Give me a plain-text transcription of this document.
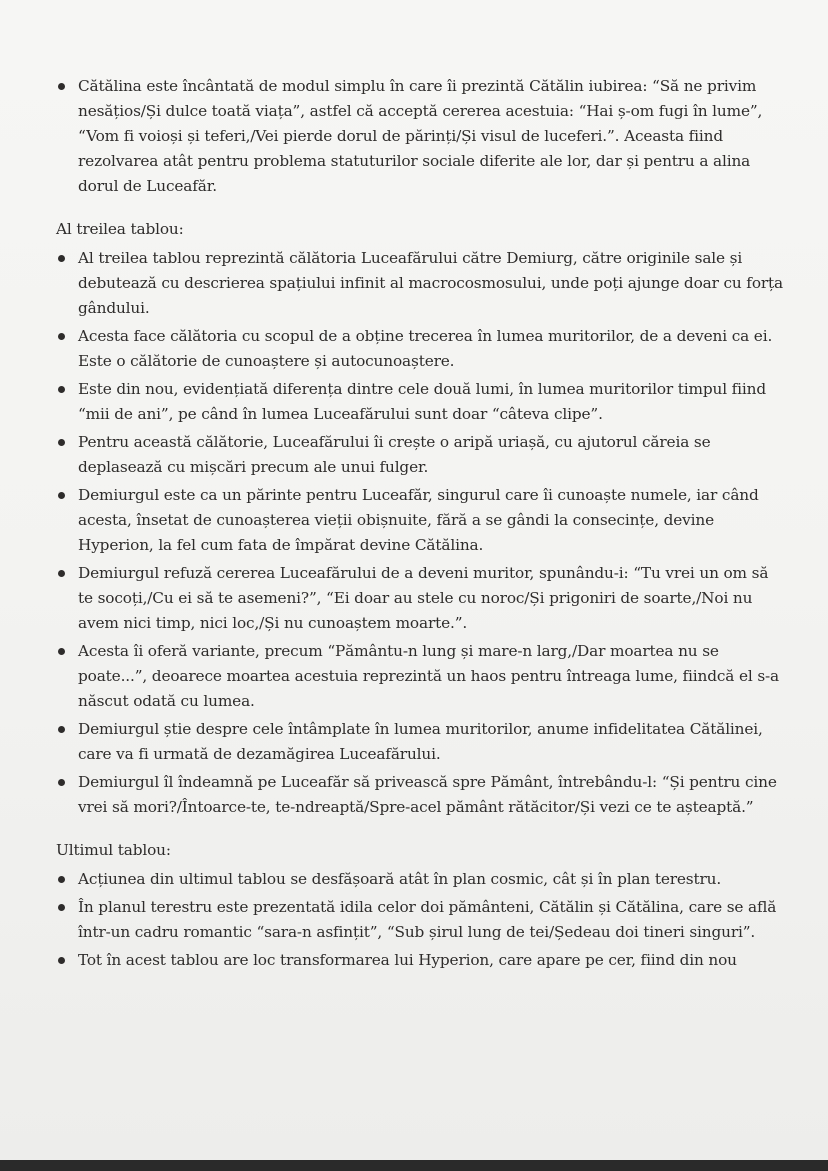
Cătălina este încântată de modul simplu în care îi prezintă Cătălin iubirea: “Să ne privim nesățios/Și dulce toată viața”, astfel că acceptă cererea acestuia: “Hai ș-om fugi în lume”, “Vom fi voioși și teferi,/Vei pierde dorul de părinți/Și visul de luceferi.”. Aceasta fiind rezolvarea atât pentru problema statuturilor sociale diferite ale lor, dar și pentru a alina dorul de Luceafăr.
Al treilea tablou:
Al treilea tablou reprezintă călătoria Luceafărului către Demiurg, către originile sale și debutează cu descrierea spațiului infinit al macrocosmosului, unde poți ajunge doar cu forța gândului.
Acesta face călătoria cu scopul de a obține trecerea în lumea muritorilor, de a deveni ca ei. Este o călătorie de cunoaștere și autocunoaștere.
Este din nou, evidențiată diferența dintre cele două lumi, în lumea muritorilor timpul fiind “mii de ani”, pe când în lumea Luceafărului sunt doar “câteva clipe”.
Pentru această călătorie, Luceafărului îi crește o aripă uriașă, cu ajutorul căreia se deplasează cu mișcări precum ale unui fulger.
Demiurgul este ca un părinte pentru Luceafăr, singurul care îi cunoaște numele, iar când acesta, însetat de cunoașterea vieții obișnuite, fără a se gândi la consecințe, devine Hyperion, la fel cum fata de împărat devine Cătălina.
Demiurgul refuză cererea Luceafărului de a deveni muritor, spunându-i: “Tu vrei un om să te socoți,/Cu ei să te asemeni?”, “Ei doar au stele cu noroc/Și prigoniri de soarte,/Noi nu avem nici timp, nici loc,/Și nu cunoaștem moarte.”.
Acesta îi oferă variante, precum “Pământu-n lung și mare-n larg,/Dar moartea nu se poate...”, deoarece moartea acestuia reprezintă un haos pentru întreaga lume, fiindcă el s-a născut odată cu lumea.
Demiurgul știe despre cele întâmplate în lumea muritorilor, anume infidelitatea Cătălinei, care va fi urmată de dezamăgirea Luceafărului.
Demiurgul îl îndeamnă pe Luceafăr să privească spre Pământ, întrebându-l: “Și pentru cine vrei să mori?/Întoarce-te, te-ndreaptă/Spre-acel pământ rătăcitor/Și vezi ce te așteaptă.”
Ultimul tablou:
Acțiunea din ultimul tablou se desfășoară atât în plan cosmic, cât și în plan terestru.
În planul terestru este prezentată idila celor doi pământeni, Cătălin și Cătălina, care se află într-un cadru romantic “sara-n asfințit”, “Sub șirul lung de tei/Ședeau doi tineri singuri”.
Tot în acest tablou are loc transformarea lui Hyperion, care apare pe cer, fiind din nou
